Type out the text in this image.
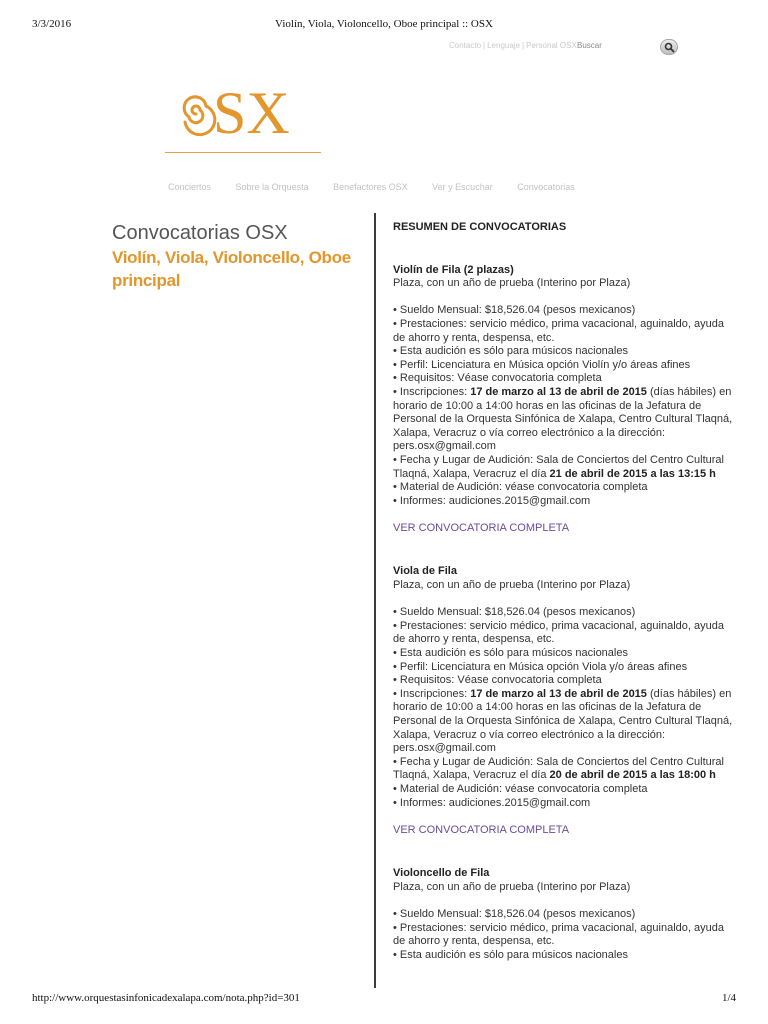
3/3/2016	Violín, Viola, Violoncello, Oboe principal :: OSX
Contacto | Lenguaje | Personal OSX Buscar
SX
Conciertos	Sobre la Orquesta	Benefactores OSX	Ver y Escuchar	Convocatorias
Convocatorias OSX
Violín, Viola, Violoncello, Oboe principal
RESUMEN DE CONVOCATORIAS
Violín de Fila (2 plazas)
Plaza, con un año de prueba (Interino por Plaza)
• Sueldo Mensual: $18,526.04 (pesos mexicanos)
• Prestaciones: servicio médico, prima vacacional, aguinaldo, ayuda de ahorro y renta, despensa, etc.
• Esta audición es sólo para músicos nacionales
• Perfil: Licenciatura en Música opción Violín y/o áreas afines
• Requisitos: Véase convocatoria completa
• Inscripciones: 17 de marzo al 13 de abril de 2015 (días hábiles) en horario de 10:00 a 14:00 horas en las oficinas de la Jefatura de Personal de la Orquesta Sinfónica de Xalapa, Centro Cultural Tlaqná, Xalapa, Veracruz o vía correo electrónico a la dirección: pers.osx@gmail.com
• Fecha y Lugar de Audición: Sala de Conciertos del Centro Cultural Tlaqná, Xalapa, Veracruz el día 21 de abril de 2015 a las 13:15 h
• Material de Audición: véase convocatoria completa
• Informes: audiciones.2015@gmail.com
VER CONVOCATORIA COMPLETA
Viola de Fila
Plaza, con un año de prueba (Interino por Plaza)
• Sueldo Mensual: $18,526.04 (pesos mexicanos)
• Prestaciones: servicio médico, prima vacacional, aguinaldo, ayuda de ahorro y renta, despensa, etc.
• Esta audición es sólo para músicos nacionales
• Perfil: Licenciatura en Música opción Viola y/o áreas afines
• Requisitos: Véase convocatoria completa
• Inscripciones: 17 de marzo al 13 de abril de 2015 (días hábiles) en horario de 10:00 a 14:00 horas en las oficinas de la Jefatura de Personal de la Orquesta Sinfónica de Xalapa, Centro Cultural Tlaqná, Xalapa, Veracruz o vía correo electrónico a la dirección: pers.osx@gmail.com
• Fecha y Lugar de Audición: Sala de Conciertos del Centro Cultural Tlaqná, Xalapa, Veracruz el día 20 de abril de 2015 a las 18:00 h
• Material de Audición: véase convocatoria completa
• Informes: audiciones.2015@gmail.com
VER CONVOCATORIA COMPLETA
Violoncello de Fila
Plaza, con un año de prueba (Interino por Plaza)
• Sueldo Mensual: $18,526.04 (pesos mexicanos)
• Prestaciones: servicio médico, prima vacacional, aguinaldo, ayuda de ahorro y renta, despensa, etc.
• Esta audición es sólo para músicos nacionales
http://www.orquestasinfonicadexalapa.com/nota.php?id=301	1/4
